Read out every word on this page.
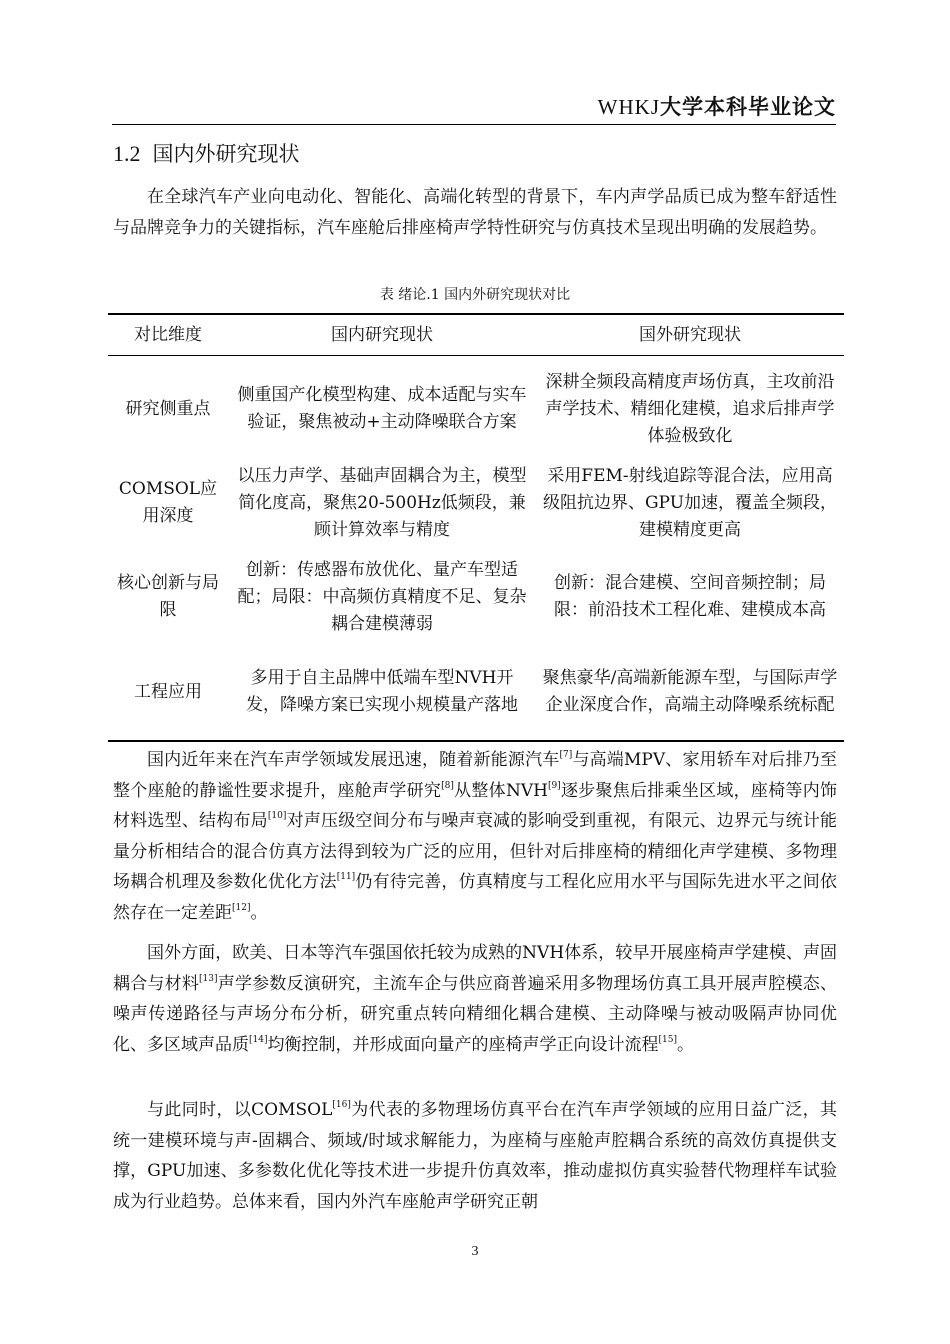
WHKJ大学本科毕业论文
1.2 国内外研究现状

在全球汽车产业向电动化、智能化、高端化转型的背景下，车内声学品质已成为整车舒适性与品牌竞争力的关键指标，汽车座舱后排座椅声学特性研究与仿真技术呈现出明确的发展趋势。

表 绪论.1 国内外研究现状对比
对比维度	国内研究现状	国外研究现状
研究侧重点	侧重国产化模型构建、成本适配与实车验证，聚焦被动+主动降噪联合方案	深耕全频段高精度声场仿真，主攻前沿声学技术、精细化建模，追求后排声学体验极致化
COMSOL应用深度	以压力声学、基础声固耦合为主，模型简化度高，聚焦20-500Hz低频段，兼顾计算效率与精度	采用FEM-射线追踪等混合法，应用高级阻抗边界、GPU加速，覆盖全频段，建模精度更高
核心创新与局限	创新：传感器布放优化、量产车型适配；局限：中高频仿真精度不足、复杂耦合建模薄弱	创新：混合建模、空间音频控制；局限：前沿技术工程化难、建模成本高
工程应用	多用于自主品牌中低端车型NVH开发，降噪方案已实现小规模量产落地	聚焦豪华/高端新能源车型，与国际声学企业深度合作，高端主动降噪系统标配

国内近年来在汽车声学领域发展迅速，随着新能源汽车[7]与高端MPV、家用轿车对后排乃至整个座舱的静谧性要求提升，座舱声学研究[8]从整体NVH[9]逐步聚焦后排乘坐区域，座椅等内饰材料选型、结构布局[10]对声压级空间分布与噪声衰减的影响受到重视，有限元、边界元与统计能量分析相结合的混合仿真方法得到较为广泛的应用，但针对后排座椅的精细化声学建模、多物理场耦合机理及参数化优化方法[11]仍有待完善，仿真精度与工程化应用水平与国际先进水平之间依然存在一定差距[12]。

国外方面，欧美、日本等汽车强国依托较为成熟的NVH体系，较早开展座椅声学建模、声固耦合与材料[13]声学参数反演研究，主流车企与供应商普遍采用多物理场仿真工具开展声腔模态、噪声传递路径与声场分布分析，研究重点转向精细化耦合建模、主动降噪与被动吸隔声协同优化、多区域声品质[14]均衡控制，并形成面向量产的座椅声学正向设计流程[15]。

与此同时，以COMSOL[16]为代表的多物理场仿真平台在汽车声学领域的应用日益广泛，其统一建模环境与声-固耦合、频域/时域求解能力，为座椅与座舱声腔耦合系统的高效仿真提供支撑，GPU加速、多参数化优化等技术进一步提升仿真效率，推动虚拟仿真实验替代物理样车试验成为行业趋势。总体来看，国内外汽车座舱声学研究正朝

3
